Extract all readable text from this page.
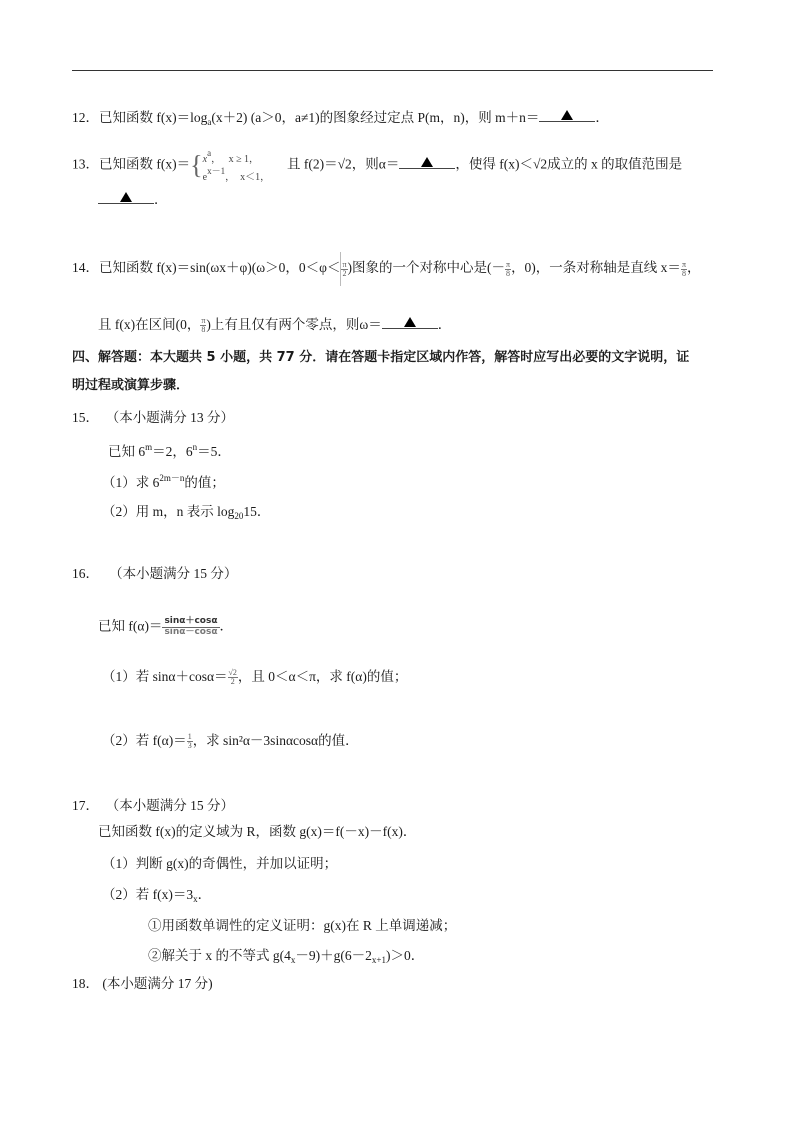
12．已知函数 $f(x)=\log_a(x+2)$ (a＞0，a≠1)的图象经过定点 P(m，n)，则 m＋n＝	．
13．已知函数 f(x)＝{ xa， x ≥ 1，
ex－1， x＜1，
且 f(2)＝√2，则α＝	，使得 f(x)＜√2成立的 x 的取值范围是
．
14．已知函数 f(x)＝sin(ωx＋φ)(ω＞0，$0<\varphi< \frac{\pi}{2}$ )图象的一个对称中心是(－ $\frac{\pi}{8}$ ，0)，一条对称轴是直线 $x= \frac{\pi}{8}$ ，
且 f(x)在区间(0， $\frac{\pi}{8}$ )上有且仅有两个零点，则ω＝	．
四、解答题：本大题共 5 小题，共 77 分．请在答题卡指定区域内作答，解答时应写出必要的文字说明，证
明过程或演算步骤．
15． （本小题满分 13 分）
已知 $6^m=2$，$6^n=5$．
（1）求 $6^{2m-n}$的值；
（2）用 m，n 表示 $\log_{20}15$．
16． （本小题满分 15 分）
已知 $f(\alpha)= \frac{\sin\alpha+\cos\alpha}{\sin\alpha-\cos\alpha}$ ．
（1）若 $\sin\alpha+\cos\alpha= \frac{√2}{2}$ ，且 0＜α＜π，求 f(α)的值；
（2）若 $f(\alpha)= \frac{1}{3}$ ，求 sin²α－3sinαcosα的值．
17． （本小题满分 15 分）
已知函数 f(x)的定义域为 R，函数 g(x)＝f(－x)－f(x)．
（1）判断 g(x)的奇偶性，并加以证明；
（2）若 $f(x)=3_x$．
①用函数单调性的定义证明：g(x)在 R 上单调递减；
②解关于 x 的不等式 $g(4_x-9)+g(6-2_{x+1})>0$．
18． (本小题满分 17 分)
